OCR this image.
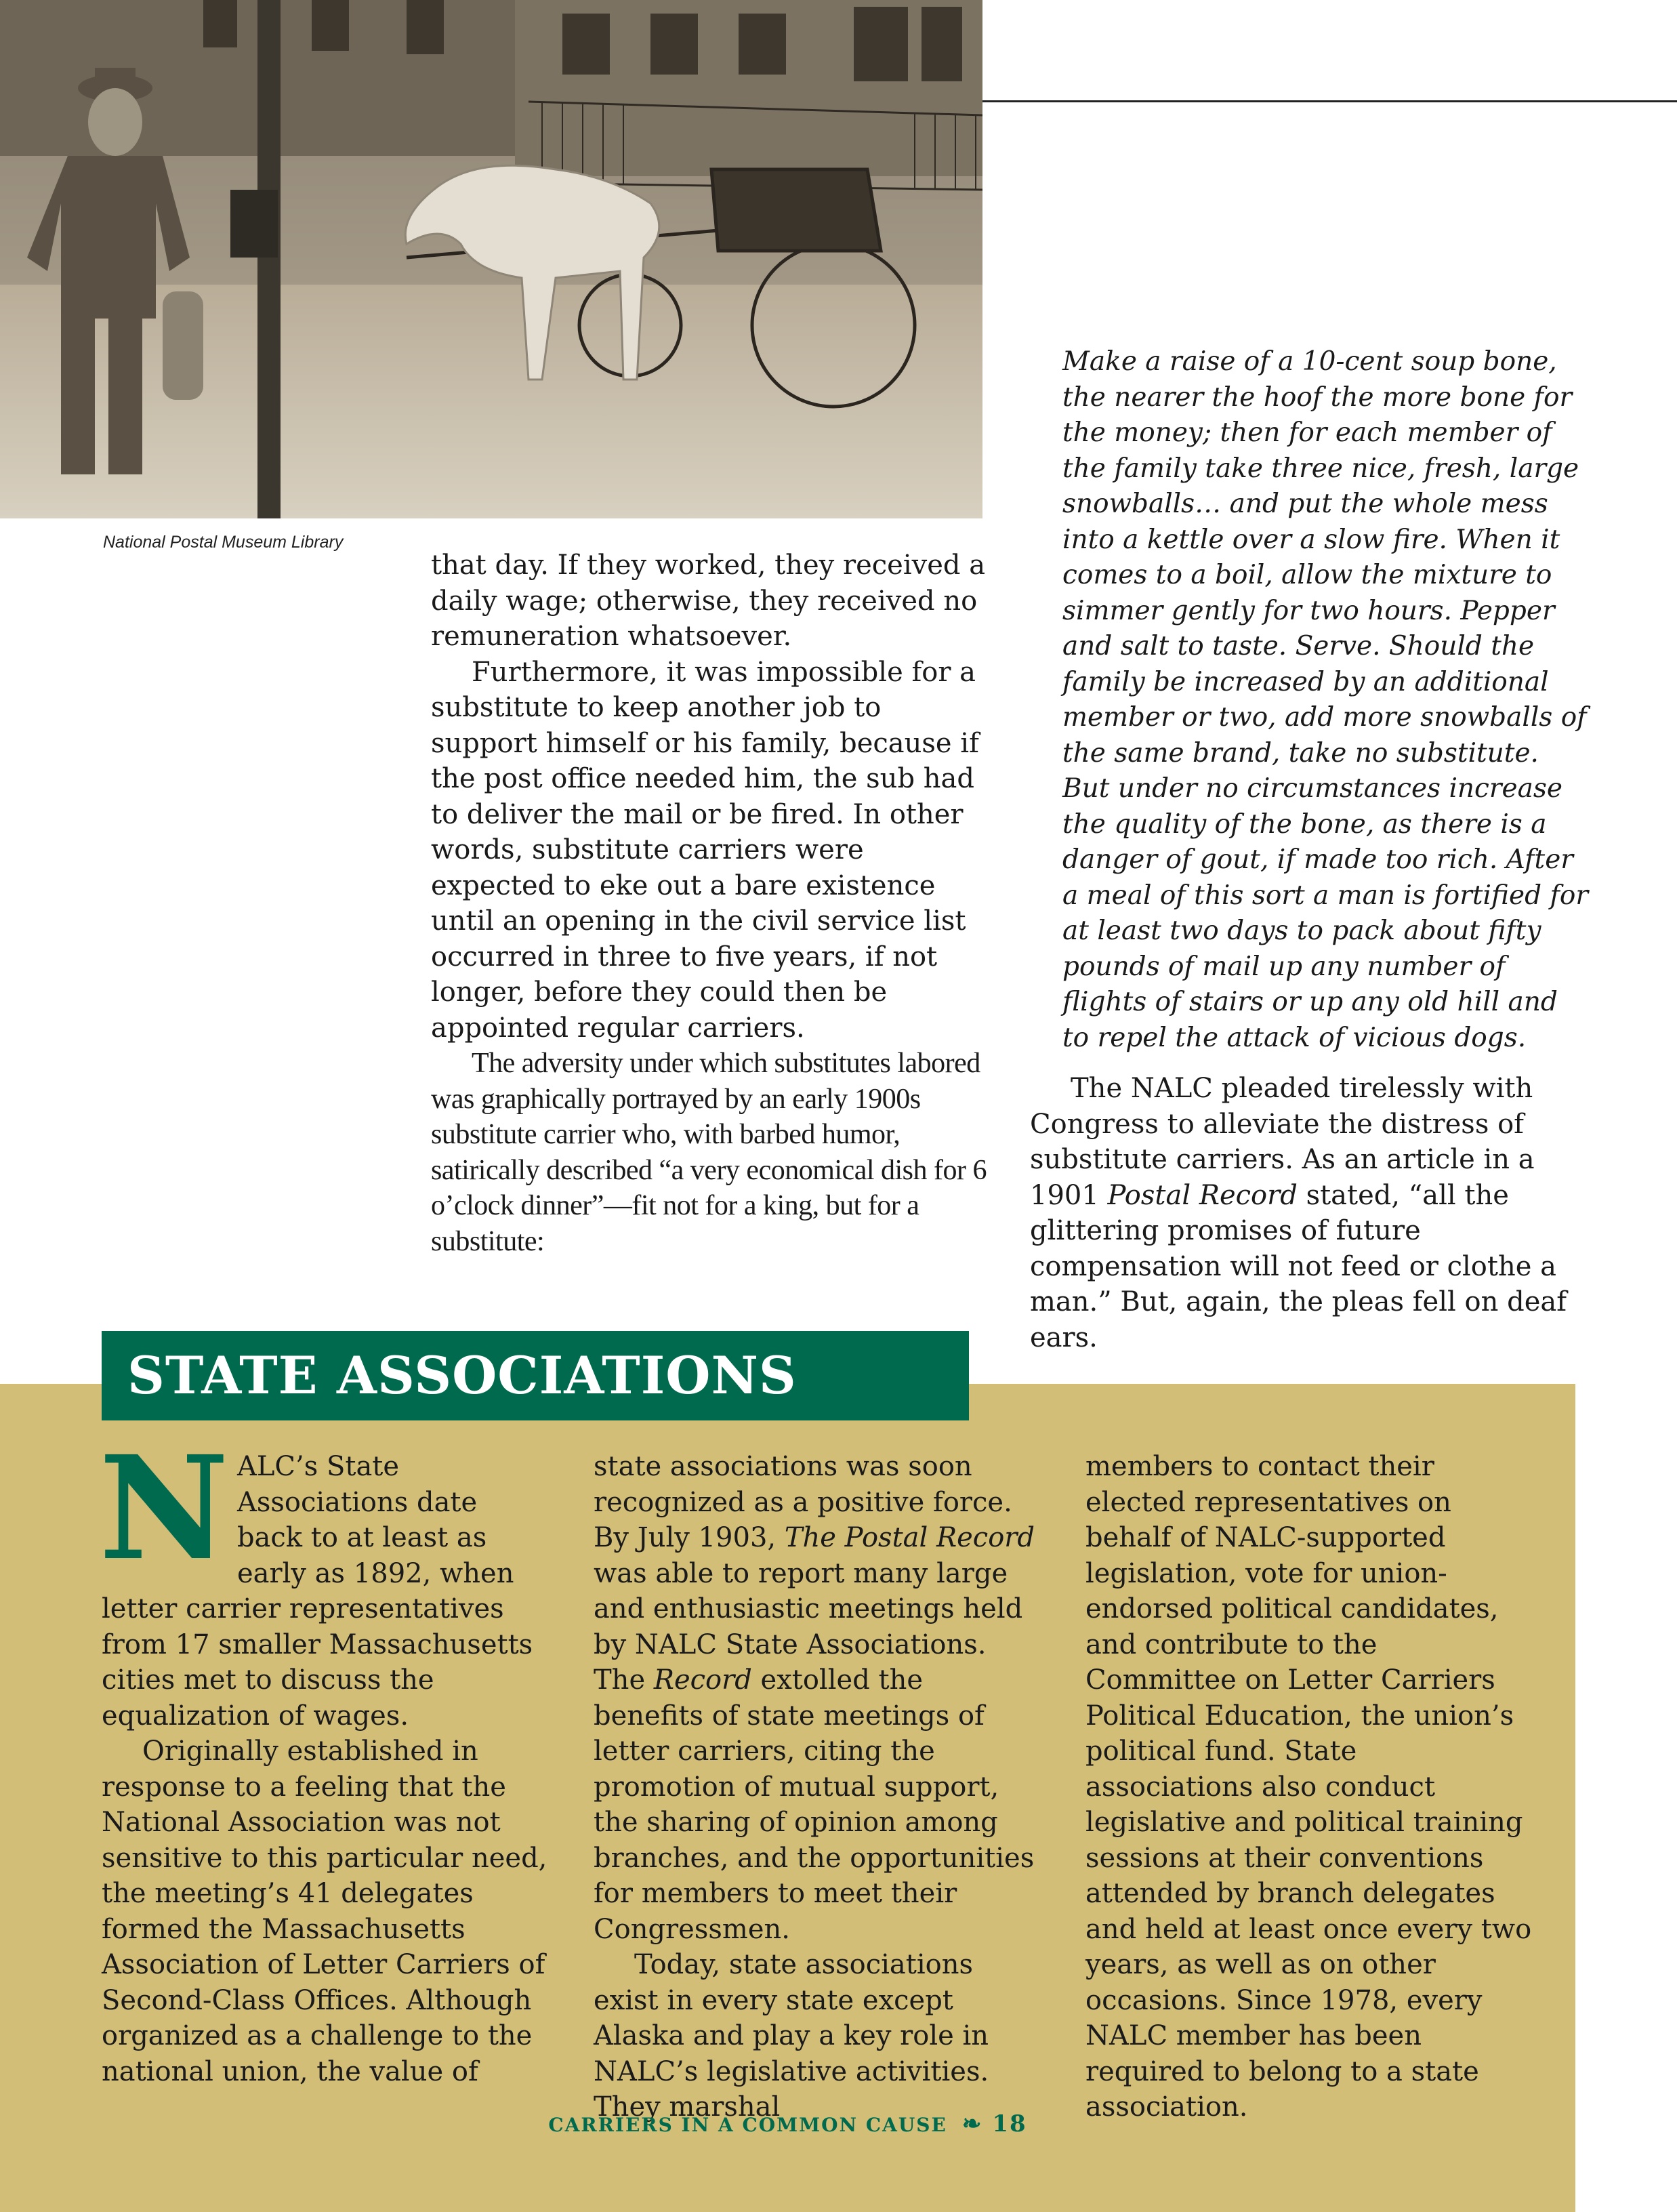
National Postal Museum Library

that day. If they worked, they received a daily wage; otherwise, they received no remuneration whatsoever.

Furthermore, it was impossible for a substitute to keep another job to support himself or his family, because if the post office needed him, the sub had to deliver the mail or be fired. In other words, substitute carriers were expected to eke out a bare existence until an opening in the civil service list occurred in three to five years, if not longer, before they could then be appointed regular carriers.

The adversity under which substitutes labored was graphically portrayed by an early 1900s substitute carrier who, with barbed humor, satirically described “a very economical dish for 6 o’clock dinner”—fit not for a king, but for a substitute:

Make a raise of a 10-cent soup bone, the nearer the hoof the more bone for the money; then for each member of the family take three nice, fresh, large snowballs… and put the whole mess into a kettle over a slow fire. When it comes to a boil, allow the mixture to simmer gently for two hours. Pepper and salt to taste. Serve. Should the family be increased by an additional member or two, add more snowballs of the same brand, take no substitute. But under no circumstances increase the quality of the bone, as there is a danger of gout, if made too rich. After a meal of this sort a man is fortified for at least two days to pack about fifty pounds of mail up any number of flights of stairs or up any old hill and to repel the attack of vicious dogs.

The NALC pleaded tirelessly with Congress to alleviate the distress of substitute carriers. As an article in a 1901 Postal Record stated, “all the glittering promises of future compensation will not feed or clothe a man.” But, again, the pleas fell on deaf ears.

STATE ASSOCIATIONS

NALC’s State Associations date back to at least as early as 1892, when letter carrier representatives from 17 smaller Massachusetts cities met to discuss the equalization of wages.

Originally established in response to a feeling that the National Association was not sensitive to this particular need, the meeting’s 41 delegates formed the Massachusetts Association of Letter Carriers of Second-Class Offices. Although organized as a challenge to the national union, the value of

state associations was soon recognized as a positive force. By July 1903, The Postal Record was able to report many large and enthusiastic meetings held by NALC State Associations. The Record extolled the benefits of state meetings of letter carriers, citing the promotion of mutual support, the sharing of opinion among branches, and the opportunities for members to meet their Congressmen.

Today, state associations exist in every state except Alaska and play a key role in NALC’s legislative activities. They marshal

members to contact their elected representatives on behalf of NALC-supported legislation, vote for union-endorsed political candidates, and contribute to the Committee on Letter Carriers Political Education, the union’s political fund. State associations also conduct legislative and political training sessions at their conventions attended by branch delegates and held at least once every two years, as well as on other occasions. Since 1978, every NALC member has been required to belong to a state association.

CARRIERS IN A COMMON CAUSE ❧ 18
